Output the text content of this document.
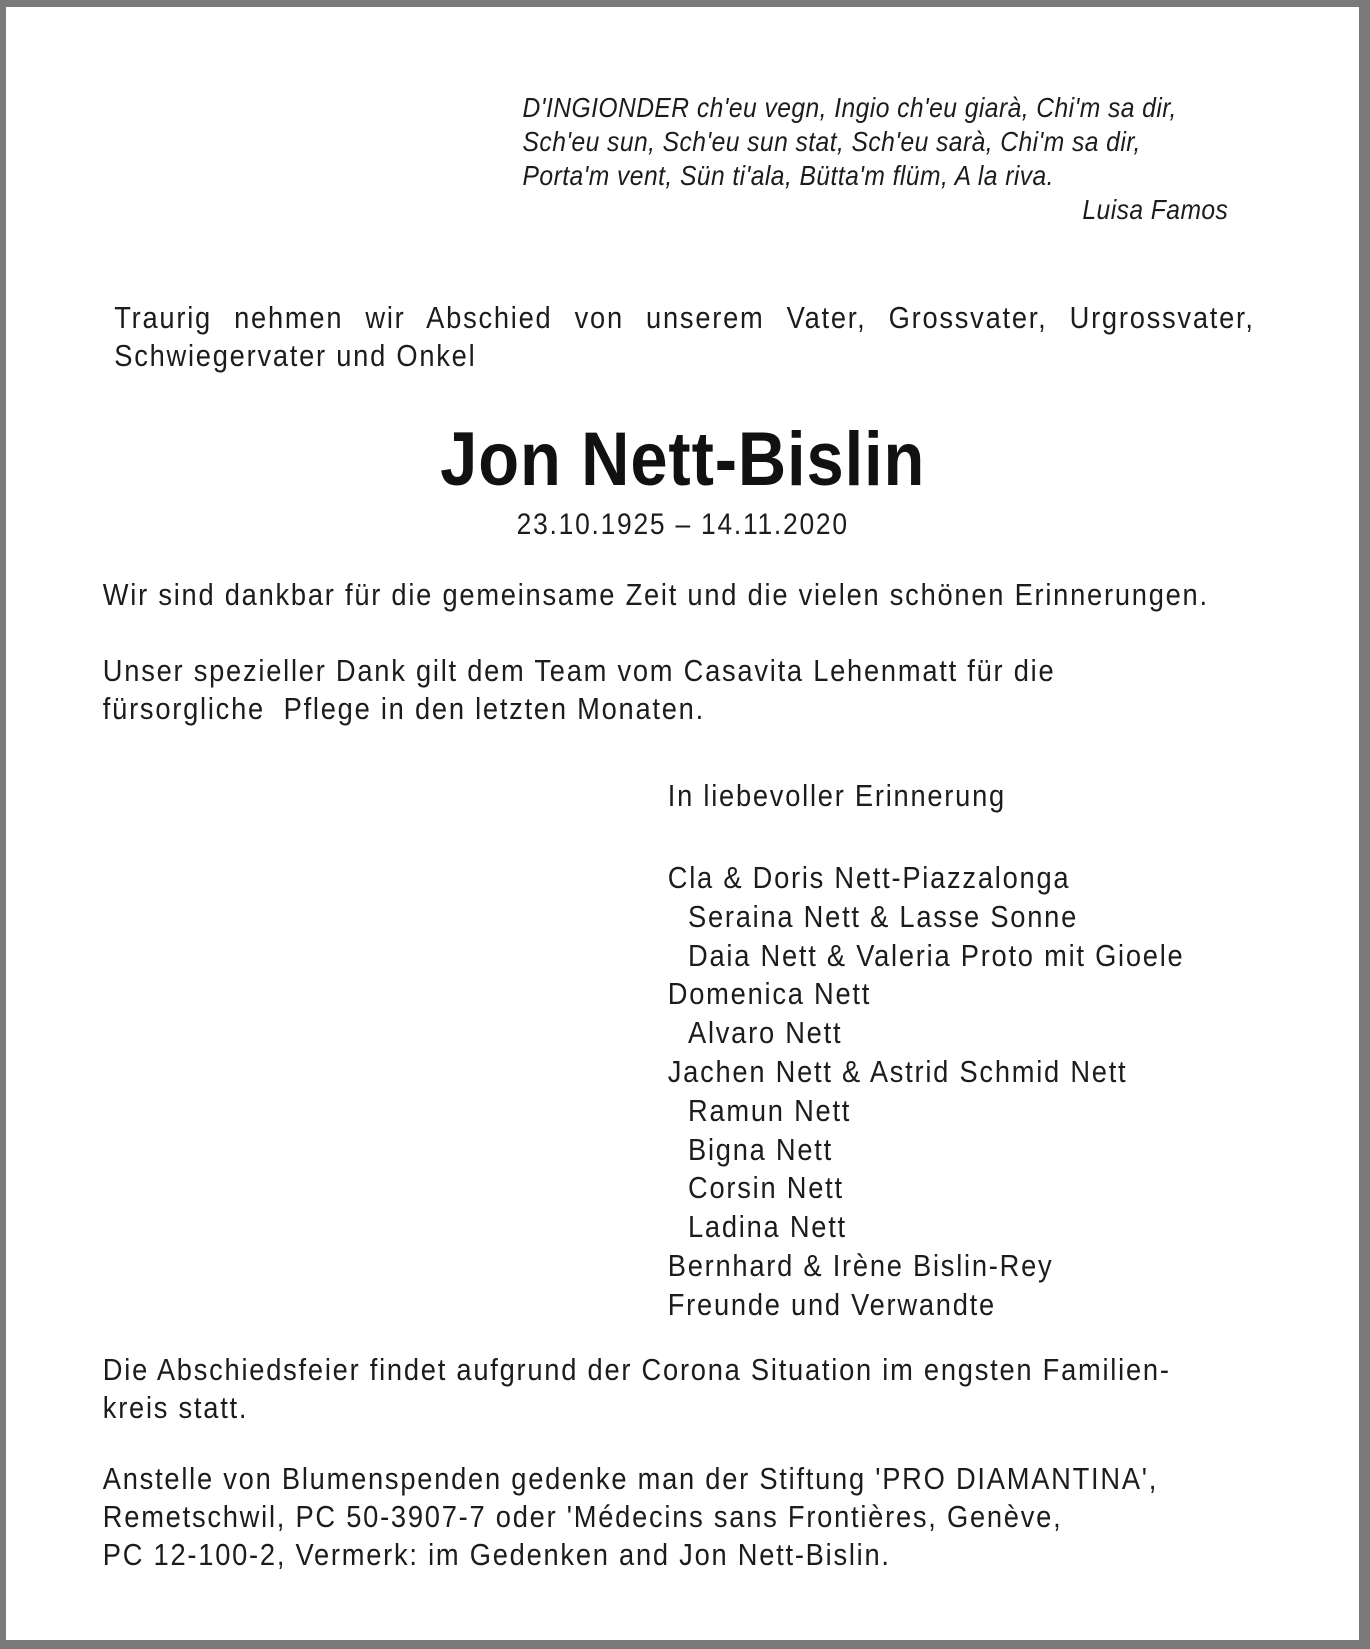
D'INGIONDER ch'eu vegn, Ingio ch'eu giarà, Chi'm sa dir,
Sch'eu sun, Sch'eu sun stat, Sch'eu sarà, Chi'm sa dir,
Porta'm vent, Sün ti'ala, Bütta'm flüm, A la riva.
Luisa Famos
Traurig nehmen wir Abschied von unserem Vater, Grossvater, Urgrossvater,
Schwiegervater und Onkel
Jon Nett-Bislin
23.10.1925 – 14.11.2020
Wir sind dankbar für die gemeinsame Zeit und die vielen schönen Erinnerungen.
Unser spezieller Dank gilt dem Team vom Casavita Lehenmatt für die
fürsorgliche  Pflege in den letzten Monaten.
In liebevoller Erinnerung
Cla & Doris Nett-Piazzalonga
Seraina Nett & Lasse Sonne
Daia Nett & Valeria Proto mit Gioele
Domenica Nett
Alvaro Nett
Jachen Nett & Astrid Schmid Nett
Ramun Nett
Bigna Nett
Corsin Nett
Ladina Nett
Bernhard & Irène Bislin-Rey
Freunde und Verwandte
Die Abschiedsfeier findet aufgrund der Corona Situation im engsten Familien-
kreis statt.
Anstelle von Blumenspenden gedenke man der Stiftung 'PRO DIAMANTINA',
Remetschwil, PC 50-3907-7 oder 'Médecins sans Frontières, Genève,
PC 12-100-2, Vermerk: im Gedenken and Jon Nett-Bislin.
